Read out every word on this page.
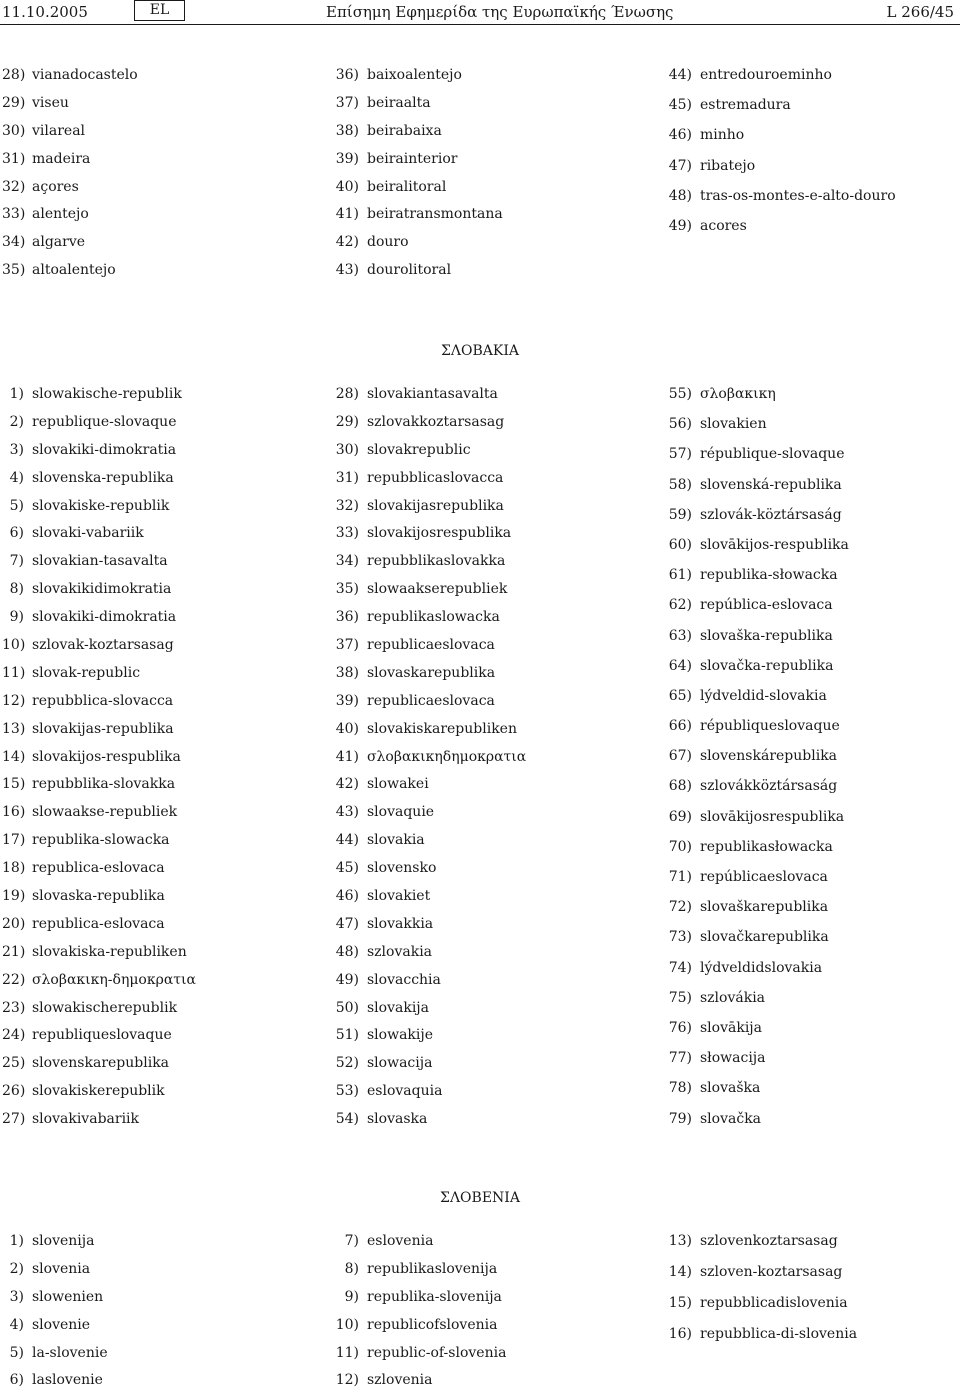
11.10.2005	EL	Επίσημη Εφημερίδα της Ευρωπαϊκής Ένωσης	L 266/45
28) vianadocastelo
29) viseu
30) vilareal
31) madeira
32) açores
33) alentejo
34) algarve
35) altoalentejo
36) baixoalentejo
37) beiraalta
38) beirabaixa
39) beirainterior
40) beiralitoral
41) beiratransmontana
42) douro
43) dourolitoral
44) entredouroeminho
45) estremadura
46) minho
47) ribatejo
48) tras-os-montes-e-alto-douro
49) acores
ΣΛΟΒΑΚΙΑ
1) slowakische-republik
2) republique-slovaque
3) slovakiki-dimokratia
4) slovenska-republika
5) slovakiske-republik
6) slovaki-vabariik
7) slovakian-tasavalta
8) slovakikidimokratia
9) slovakiki-dimokratia
10) szlovak-koztarsasag
11) slovak-republic
12) repubblica-slovacca
13) slovakijas-republika
14) slovakijos-respublika
15) repubblika-slovakka
16) slowaakse-republiek
17) republika-slowacka
18) republica-eslovaca
19) slovaska-republika
20) republica-eslovaca
21) slovakiska-republiken
22) σλοβακικη-δημοκρατια
23) slowakischerepublik
24) republiqueslovaque
25) slovenskarepublika
26) slovakiskerepublik
27) slovakivabariik
28) slovakiantasavalta
29) szlovakkoztarsasag
30) slovakrepublic
31) repubblicaslovacca
32) slovakijasrepublika
33) slovakijosrespublika
34) repubblikaslovakka
35) slowaakserepubliek
36) republikaslowacka
37) republicaeslovaca
38) slovaskarepublika
39) republicaeslovaca
40) slovakiskarepubliken
41) σλοβακικηδημοκρατια
42) slowakei
43) slovaquie
44) slovakia
45) slovensko
46) slovakiet
47) slovakkia
48) szlovakia
49) slovacchia
50) slovakija
51) slowakije
52) slowacija
53) eslovaquia
54) slovaska
55) σλοβακικη
56) slovakien
57) république-slovaque
58) slovenská-republika
59) szlovák-köztársaság
60) slovākijos-respublika
61) republika-słowacka
62) república-eslovaca
63) slovaška-republika
64) slovačka-republika
65) lýdveldid-slovakia
66) républiqueslovaque
67) slovenskárepublika
68) szlovákköztársaság
69) slovākijosrespublika
70) republikasłowacka
71) repúblicaeslovaca
72) slovaškarepublika
73) slovačkarepublika
74) lýdveldidslovakia
75) szlovákia
76) slovākija
77) słowacija
78) slovaška
79) slovačka
ΣΛΟΒΕΝΙΑ
1) slovenija
2) slovenia
3) slowenien
4) slovenie
5) la-slovenie
6) laslovenie
7) eslovenia
8) republikaslovenija
9) republika-slovenija
10) republicofslovenia
11) republic-of-slovenia
12) szlovenia
13) szlovenkoztarsasag
14) szloven-koztarsasag
15) repubblicadislovenia
16) repubblica-di-slovenia
